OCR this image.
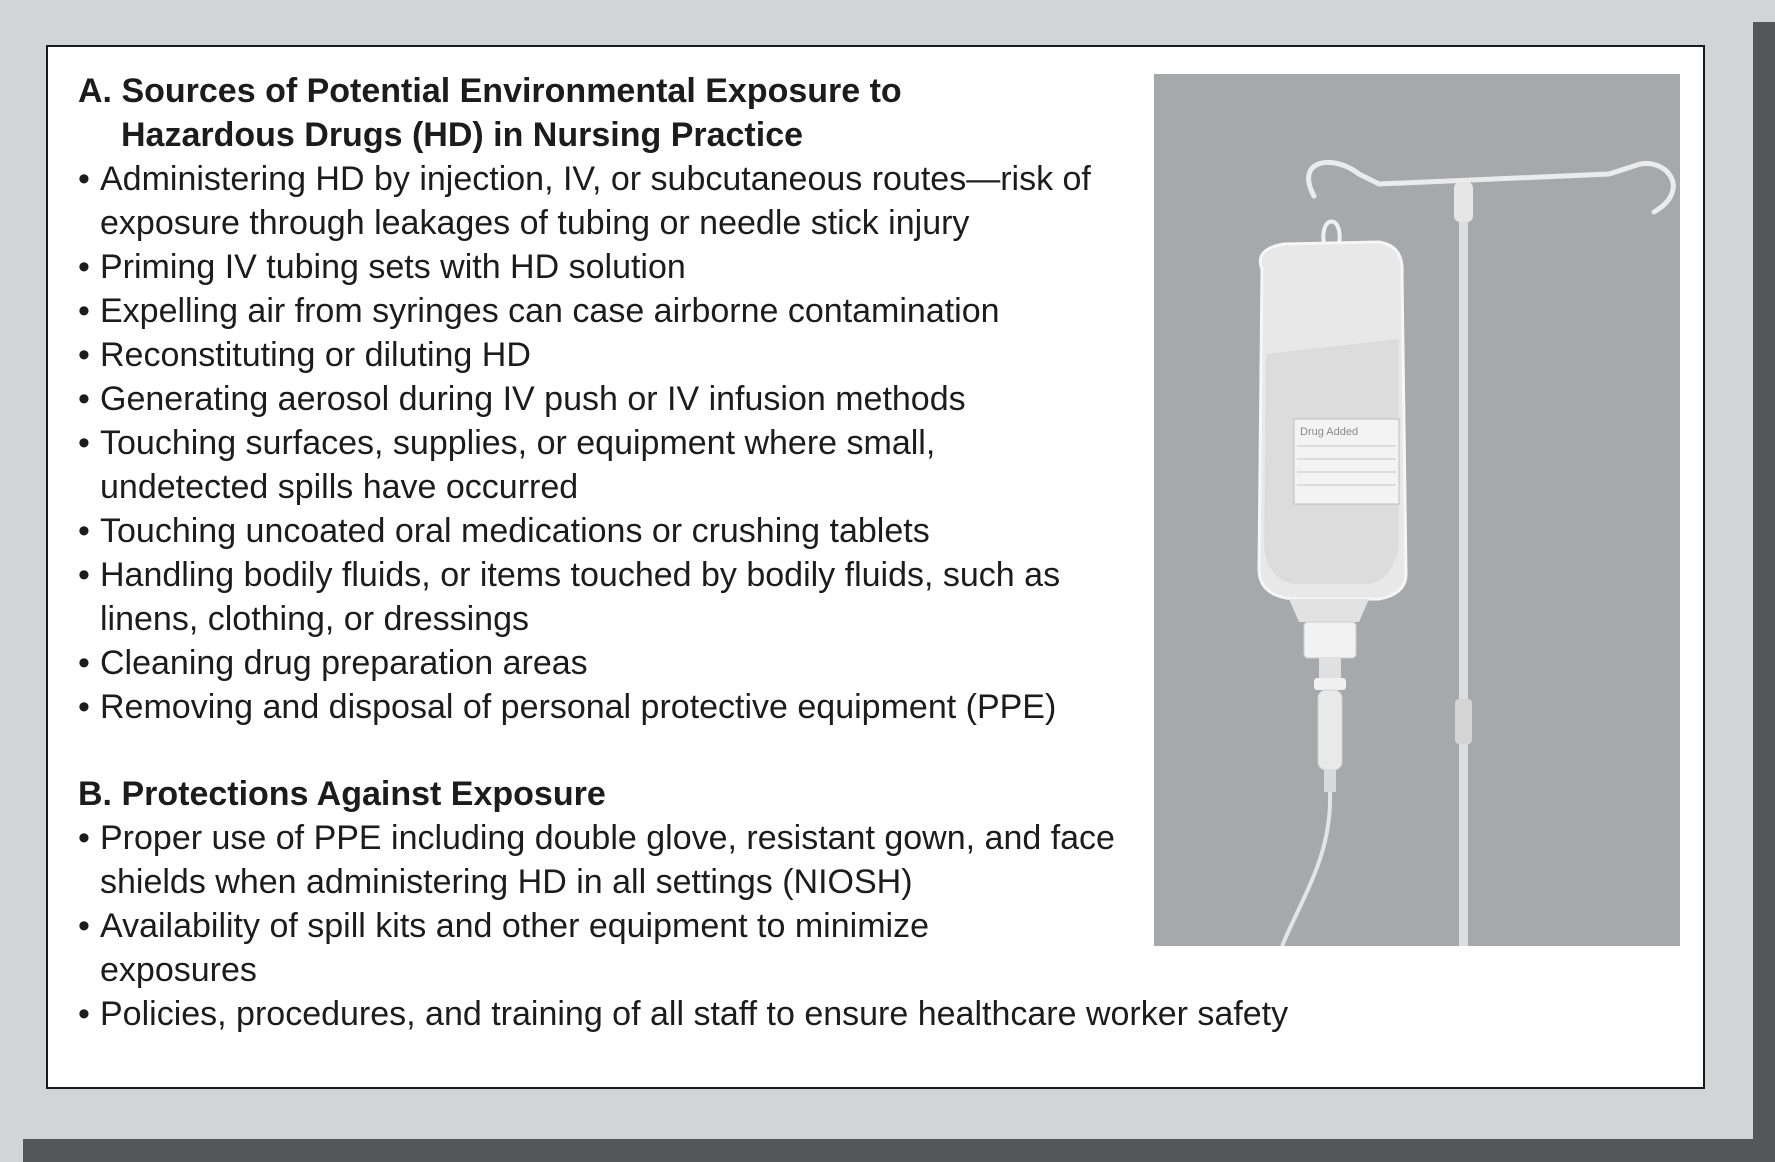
A. Sources of Potential Environmental Exposure to
Hazardous Drugs (HD) in Nursing Practice
• Administering HD by injection, IV, or subcutaneous routes—risk of exposure through leakages of tubing or needle stick injury
• Priming IV tubing sets with HD solution
• Expelling air from syringes can case airborne contamination
• Reconstituting or diluting HD
• Generating aerosol during IV push or IV infusion methods
• Touching surfaces, supplies, or equipment where small, undetected spills have occurred
• Touching uncoated oral medications or crushing tablets
• Handling bodily fluids, or items touched by bodily fluids, such as linens, clothing, or dressings
• Cleaning drug preparation areas
• Removing and disposal of personal protective equipment (PPE)
B. Protections Against Exposure
• Proper use of PPE including double glove, resistant gown, and face shields when administering HD in all settings (NIOSH)
• Availability of spill kits and other equipment to minimize exposures
• Policies, procedures, and training of all staff to ensure healthcare worker safety
Drug Added
